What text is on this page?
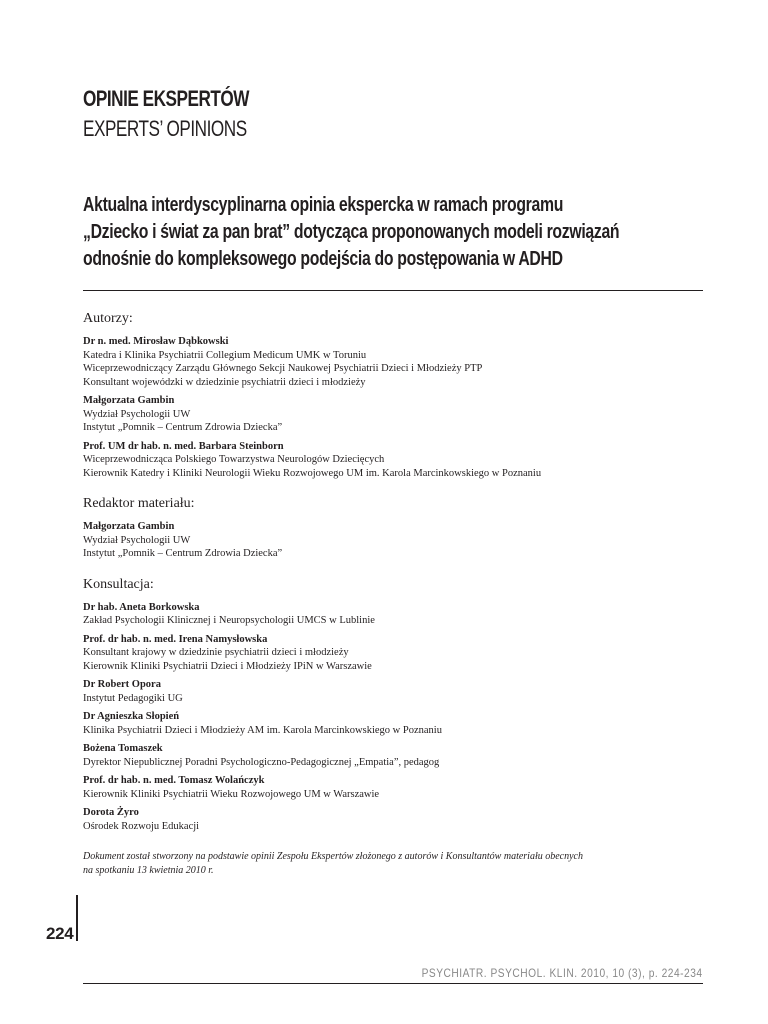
OPINIE EKSPERTÓW
EXPERTS’ OPINIONS
Aktualna interdyscyplinarna opinia ekspercka w ramach programu
„Dziecko i świat za pan brat” dotycząca proponowanych modeli rozwiązań
odnośnie do kompleksowego podejścia do postępowania w ADHD
Autorzy:
Dr n. med. Mirosław Dąbkowski
Katedra i Klinika Psychiatrii Collegium Medicum UMK w Toruniu
Wiceprzewodniczący Zarządu Głównego Sekcji Naukowej Psychiatrii Dzieci i Młodzieży PTP
Konsultant wojewódzki w dziedzinie psychiatrii dzieci i młodzieży
Małgorzata Gambin
Wydział Psychologii UW
Instytut „Pomnik – Centrum Zdrowia Dziecka”
Prof. UM dr hab. n. med. Barbara Steinborn
Wiceprzewodnicząca Polskiego Towarzystwa Neurologów Dziecięcych
Kierownik Katedry i Kliniki Neurologii Wieku Rozwojowego UM im. Karola Marcinkowskiego w Poznaniu
Redaktor materiału:
Małgorzata Gambin
Wydział Psychologii UW
Instytut „Pomnik – Centrum Zdrowia Dziecka”
Konsultacja:
Dr hab. Aneta Borkowska
Zakład Psychologii Klinicznej i Neuropsychologii UMCS w Lublinie
Prof. dr hab. n. med. Irena Namysłowska
Konsultant krajowy w dziedzinie psychiatrii dzieci i młodzieży
Kierownik Kliniki Psychiatrii Dzieci i Młodzieży IPiN w Warszawie
Dr Robert Opora
Instytut Pedagogiki UG
Dr Agnieszka Słopień
Klinika Psychiatrii Dzieci i Młodzieży AM im. Karola Marcinkowskiego w Poznaniu
Bożena Tomaszek
Dyrektor Niepublicznej Poradni Psychologiczno-Pedagogicznej „Empatia”, pedagog
Prof. dr hab. n. med. Tomasz Wolańczyk
Kierownik Kliniki Psychiatrii Wieku Rozwojowego UM w Warszawie
Dorota Żyro
Ośrodek Rozwoju Edukacji
Dokument został stworzony na podstawie opinii Zespołu Ekspertów złożonego z autorów i Konsultantów materiału obecnych
na spotkaniu 13 kwietnia 2010 r.
224
PSYCHIATR. PSYCHOL. KLIN. 2010, 10 (3), p. 224-234
